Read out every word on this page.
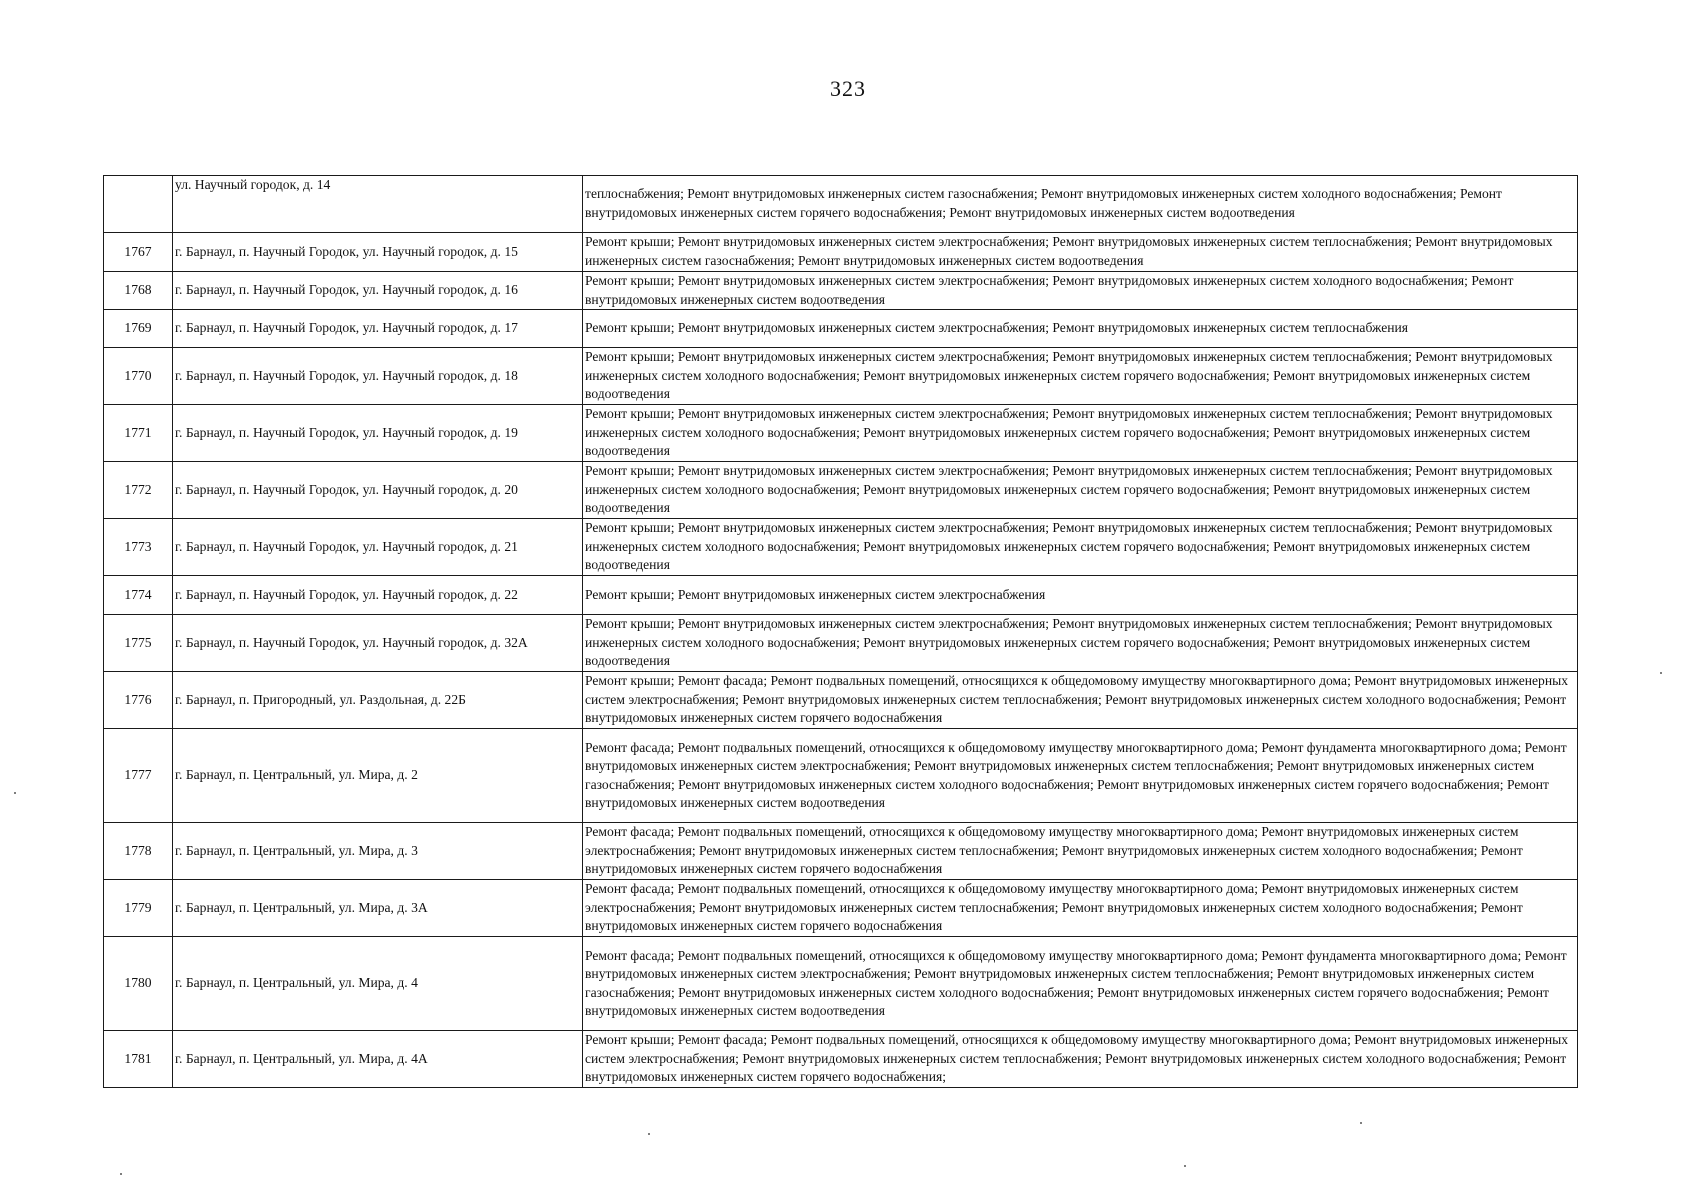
323
	ул. Научный городок, д. 14	теплоснабжения; Ремонт внутридомовых инженерных систем газоснабжения; Ремонт внутридомовых инженерных систем холодного водоснабжения; Ремонт внутридомовых инженерных систем горячего водоснабжения; Ремонт внутридомовых инженерных систем водоотведения
1767	г. Барнаул, п. Научный Городок, ул. Научный городок, д. 15	Ремонт крыши; Ремонт внутридомовых инженерных систем электроснабжения; Ремонт внутридомовых инженерных систем теплоснабжения; Ремонт внутридомовых инженерных систем газоснабжения; Ремонт внутридомовых инженерных систем водоотведения
1768	г. Барнаул, п. Научный Городок, ул. Научный городок, д. 16	Ремонт крыши; Ремонт внутридомовых инженерных систем электроснабжения; Ремонт внутридомовых инженерных систем холодного водоснабжения; Ремонт внутридомовых инженерных систем водоотведения
1769	г. Барнаул, п. Научный Городок, ул. Научный городок, д. 17	Ремонт крыши; Ремонт внутридомовых инженерных систем электроснабжения; Ремонт внутридомовых инженерных систем теплоснабжения
1770	г. Барнаул, п. Научный Городок, ул. Научный городок, д. 18	Ремонт крыши; Ремонт внутридомовых инженерных систем электроснабжения; Ремонт внутридомовых инженерных систем теплоснабжения; Ремонт внутридомовых инженерных систем холодного водоснабжения; Ремонт внутридомовых инженерных систем горячего водоснабжения; Ремонт внутридомовых инженерных систем водоотведения
1771	г. Барнаул, п. Научный Городок, ул. Научный городок, д. 19	Ремонт крыши; Ремонт внутридомовых инженерных систем электроснабжения; Ремонт внутридомовых инженерных систем теплоснабжения; Ремонт внутридомовых инженерных систем холодного водоснабжения; Ремонт внутридомовых инженерных систем горячего водоснабжения; Ремонт внутридомовых инженерных систем водоотведения
1772	г. Барнаул, п. Научный Городок, ул. Научный городок, д. 20	Ремонт крыши; Ремонт внутридомовых инженерных систем электроснабжения; Ремонт внутридомовых инженерных систем теплоснабжения; Ремонт внутридомовых инженерных систем холодного водоснабжения; Ремонт внутридомовых инженерных систем горячего водоснабжения; Ремонт внутридомовых инженерных систем водоотведения
1773	г. Барнаул, п. Научный Городок, ул. Научный городок, д. 21	Ремонт крыши; Ремонт внутридомовых инженерных систем электроснабжения; Ремонт внутридомовых инженерных систем теплоснабжения; Ремонт внутридомовых инженерных систем холодного водоснабжения; Ремонт внутридомовых инженерных систем горячего водоснабжения; Ремонт внутридомовых инженерных систем водоотведения
1774	г. Барнаул, п. Научный Городок, ул. Научный городок, д. 22	Ремонт крыши; Ремонт внутридомовых инженерных систем электроснабжения
1775	г. Барнаул, п. Научный Городок, ул. Научный городок, д. 32А	Ремонт крыши; Ремонт внутридомовых инженерных систем электроснабжения; Ремонт внутридомовых инженерных систем теплоснабжения; Ремонт внутридомовых инженерных систем холодного водоснабжения; Ремонт внутридомовых инженерных систем горячего водоснабжения; Ремонт внутридомовых инженерных систем водоотведения
1776	г. Барнаул, п. Пригородный, ул. Раздольная, д. 22Б	Ремонт крыши; Ремонт фасада; Ремонт подвальных помещений, относящихся к общедомовому имуществу многоквартирного дома; Ремонт внутридомовых инженерных систем электроснабжения; Ремонт внутридомовых инженерных систем теплоснабжения; Ремонт внутридомовых инженерных систем холодного водоснабжения; Ремонт внутридомовых инженерных систем горячего водоснабжения
1777	г. Барнаул, п. Центральный, ул. Мира, д. 2	Ремонт фасада; Ремонт подвальных помещений, относящихся к общедомовому имуществу многоквартирного дома; Ремонт фундамента многоквартирного дома; Ремонт внутридомовых инженерных систем электроснабжения; Ремонт внутридомовых инженерных систем теплоснабжения; Ремонт внутридомовых инженерных систем газоснабжения; Ремонт внутридомовых инженерных систем холодного водоснабжения; Ремонт внутридомовых инженерных систем горячего водоснабжения; Ремонт внутридомовых инженерных систем водоотведения
1778	г. Барнаул, п. Центральный, ул. Мира, д. 3	Ремонт фасада; Ремонт подвальных помещений, относящихся к общедомовому имуществу многоквартирного дома; Ремонт внутридомовых инженерных систем электроснабжения; Ремонт внутридомовых инженерных систем теплоснабжения; Ремонт внутридомовых инженерных систем холодного водоснабжения; Ремонт внутридомовых инженерных систем горячего водоснабжения
1779	г. Барнаул, п. Центральный, ул. Мира, д. 3А	Ремонт фасада; Ремонт подвальных помещений, относящихся к общедомовому имуществу многоквартирного дома; Ремонт внутридомовых инженерных систем электроснабжения; Ремонт внутридомовых инженерных систем теплоснабжения; Ремонт внутридомовых инженерных систем холодного водоснабжения; Ремонт внутридомовых инженерных систем горячего водоснабжения
1780	г. Барнаул, п. Центральный, ул. Мира, д. 4	Ремонт фасада; Ремонт подвальных помещений, относящихся к общедомовому имуществу многоквартирного дома; Ремонт фундамента многоквартирного дома; Ремонт внутридомовых инженерных систем электроснабжения; Ремонт внутридомовых инженерных систем теплоснабжения; Ремонт внутридомовых инженерных систем газоснабжения; Ремонт внутридомовых инженерных систем холодного водоснабжения; Ремонт внутридомовых инженерных систем горячего водоснабжения; Ремонт внутридомовых инженерных систем водоотведения
1781	г. Барнаул, п. Центральный, ул. Мира, д. 4А	Ремонт крыши; Ремонт фасада; Ремонт подвальных помещений, относящихся к общедомовому имуществу многоквартирного дома; Ремонт внутридомовых инженерных систем электроснабжения; Ремонт внутридомовых инженерных систем теплоснабжения; Ремонт внутридомовых инженерных систем холодного водоснабжения; Ремонт внутридомовых инженерных систем горячего водоснабжения;
